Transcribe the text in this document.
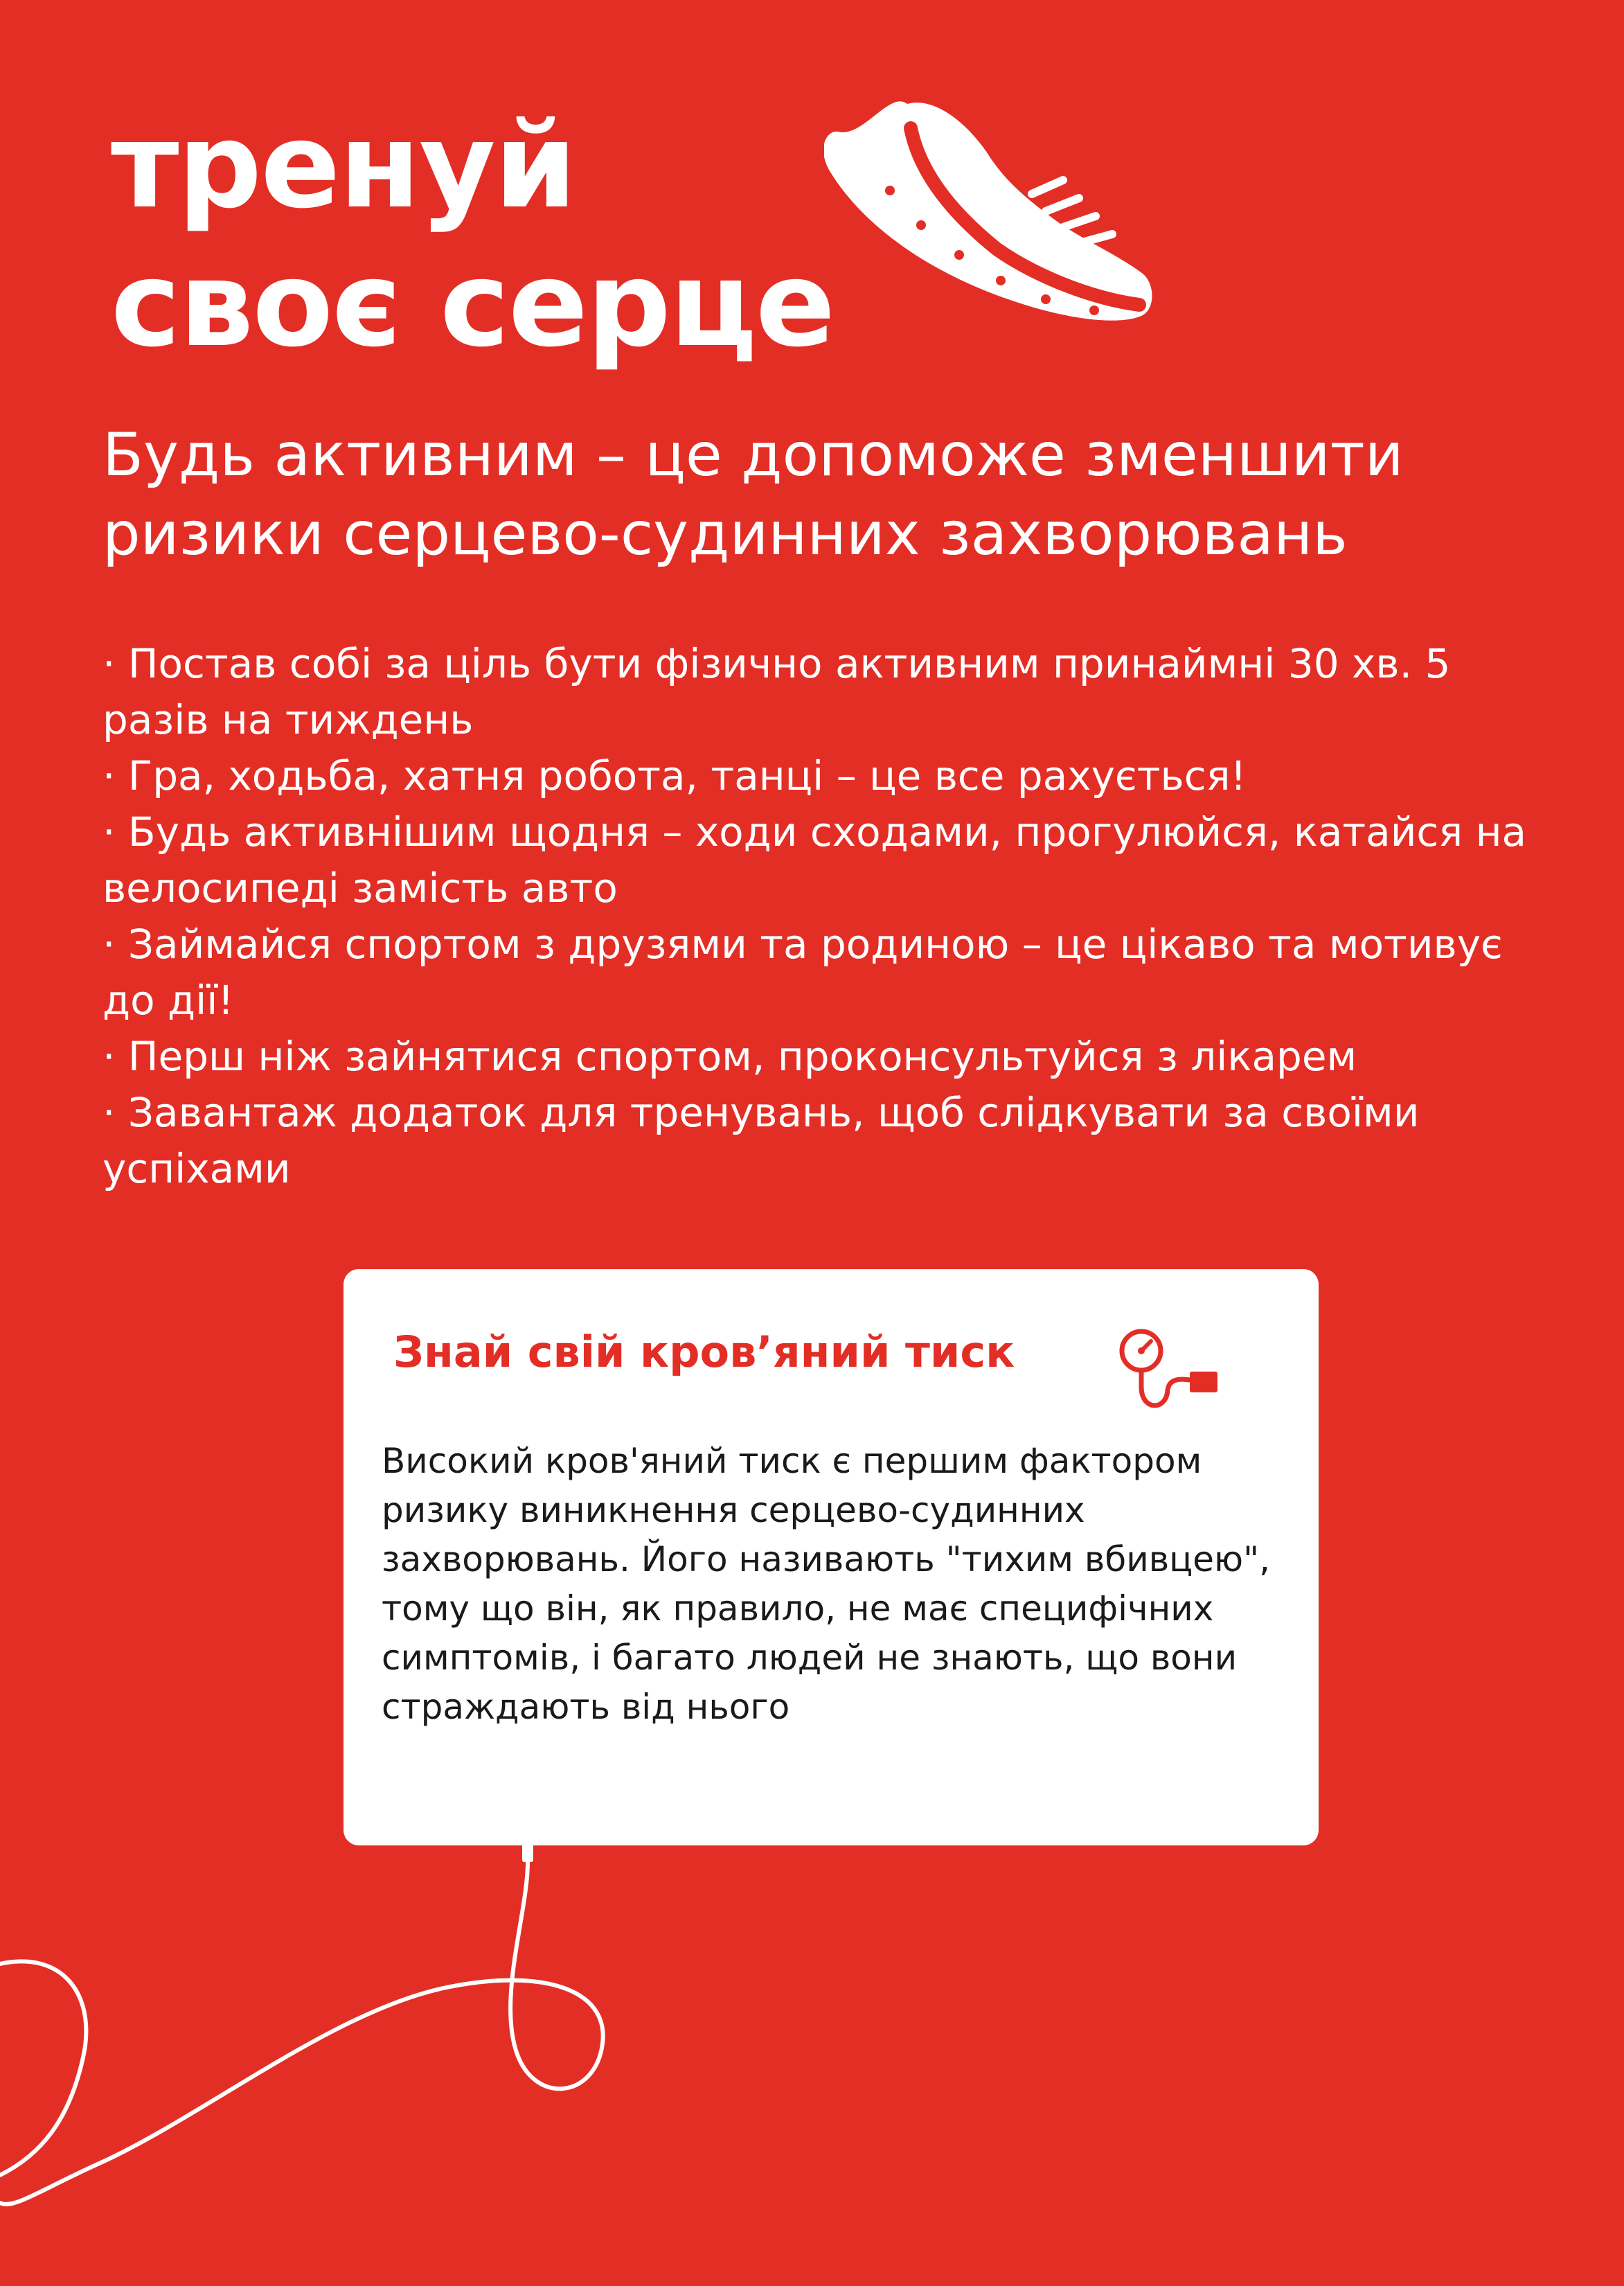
тренуй
своє серце
Будь активним – це допоможе зменшити ризики серцево-судинних захворювань
· Постав собі за ціль бути фізично активним принаймні 30 хв. 5 разів на тиждень
· Гра, ходьба, хатня робота, танці – це все рахується!
· Будь активнішим щодня – ходи сходами, прогулюйся, катайся на велосипеді замість авто
· Займайся спортом з друзями та родиною – це цікаво та мотивує до дії!
· Перш ніж зайнятися спортом, проконсультуйся з лікарем
· Завантаж додаток для тренувань, щоб слідкувати за своїми успіхами
Знай свій кров’яний тиск

Високий кров'яний тиск є першим фактором ризику виникнення серцево-судинних захворювань. Його називають "тихим вбивцею", тому що він, як правило, не має специфічних симптомів, і багато людей не знають, що вони страждають від нього
